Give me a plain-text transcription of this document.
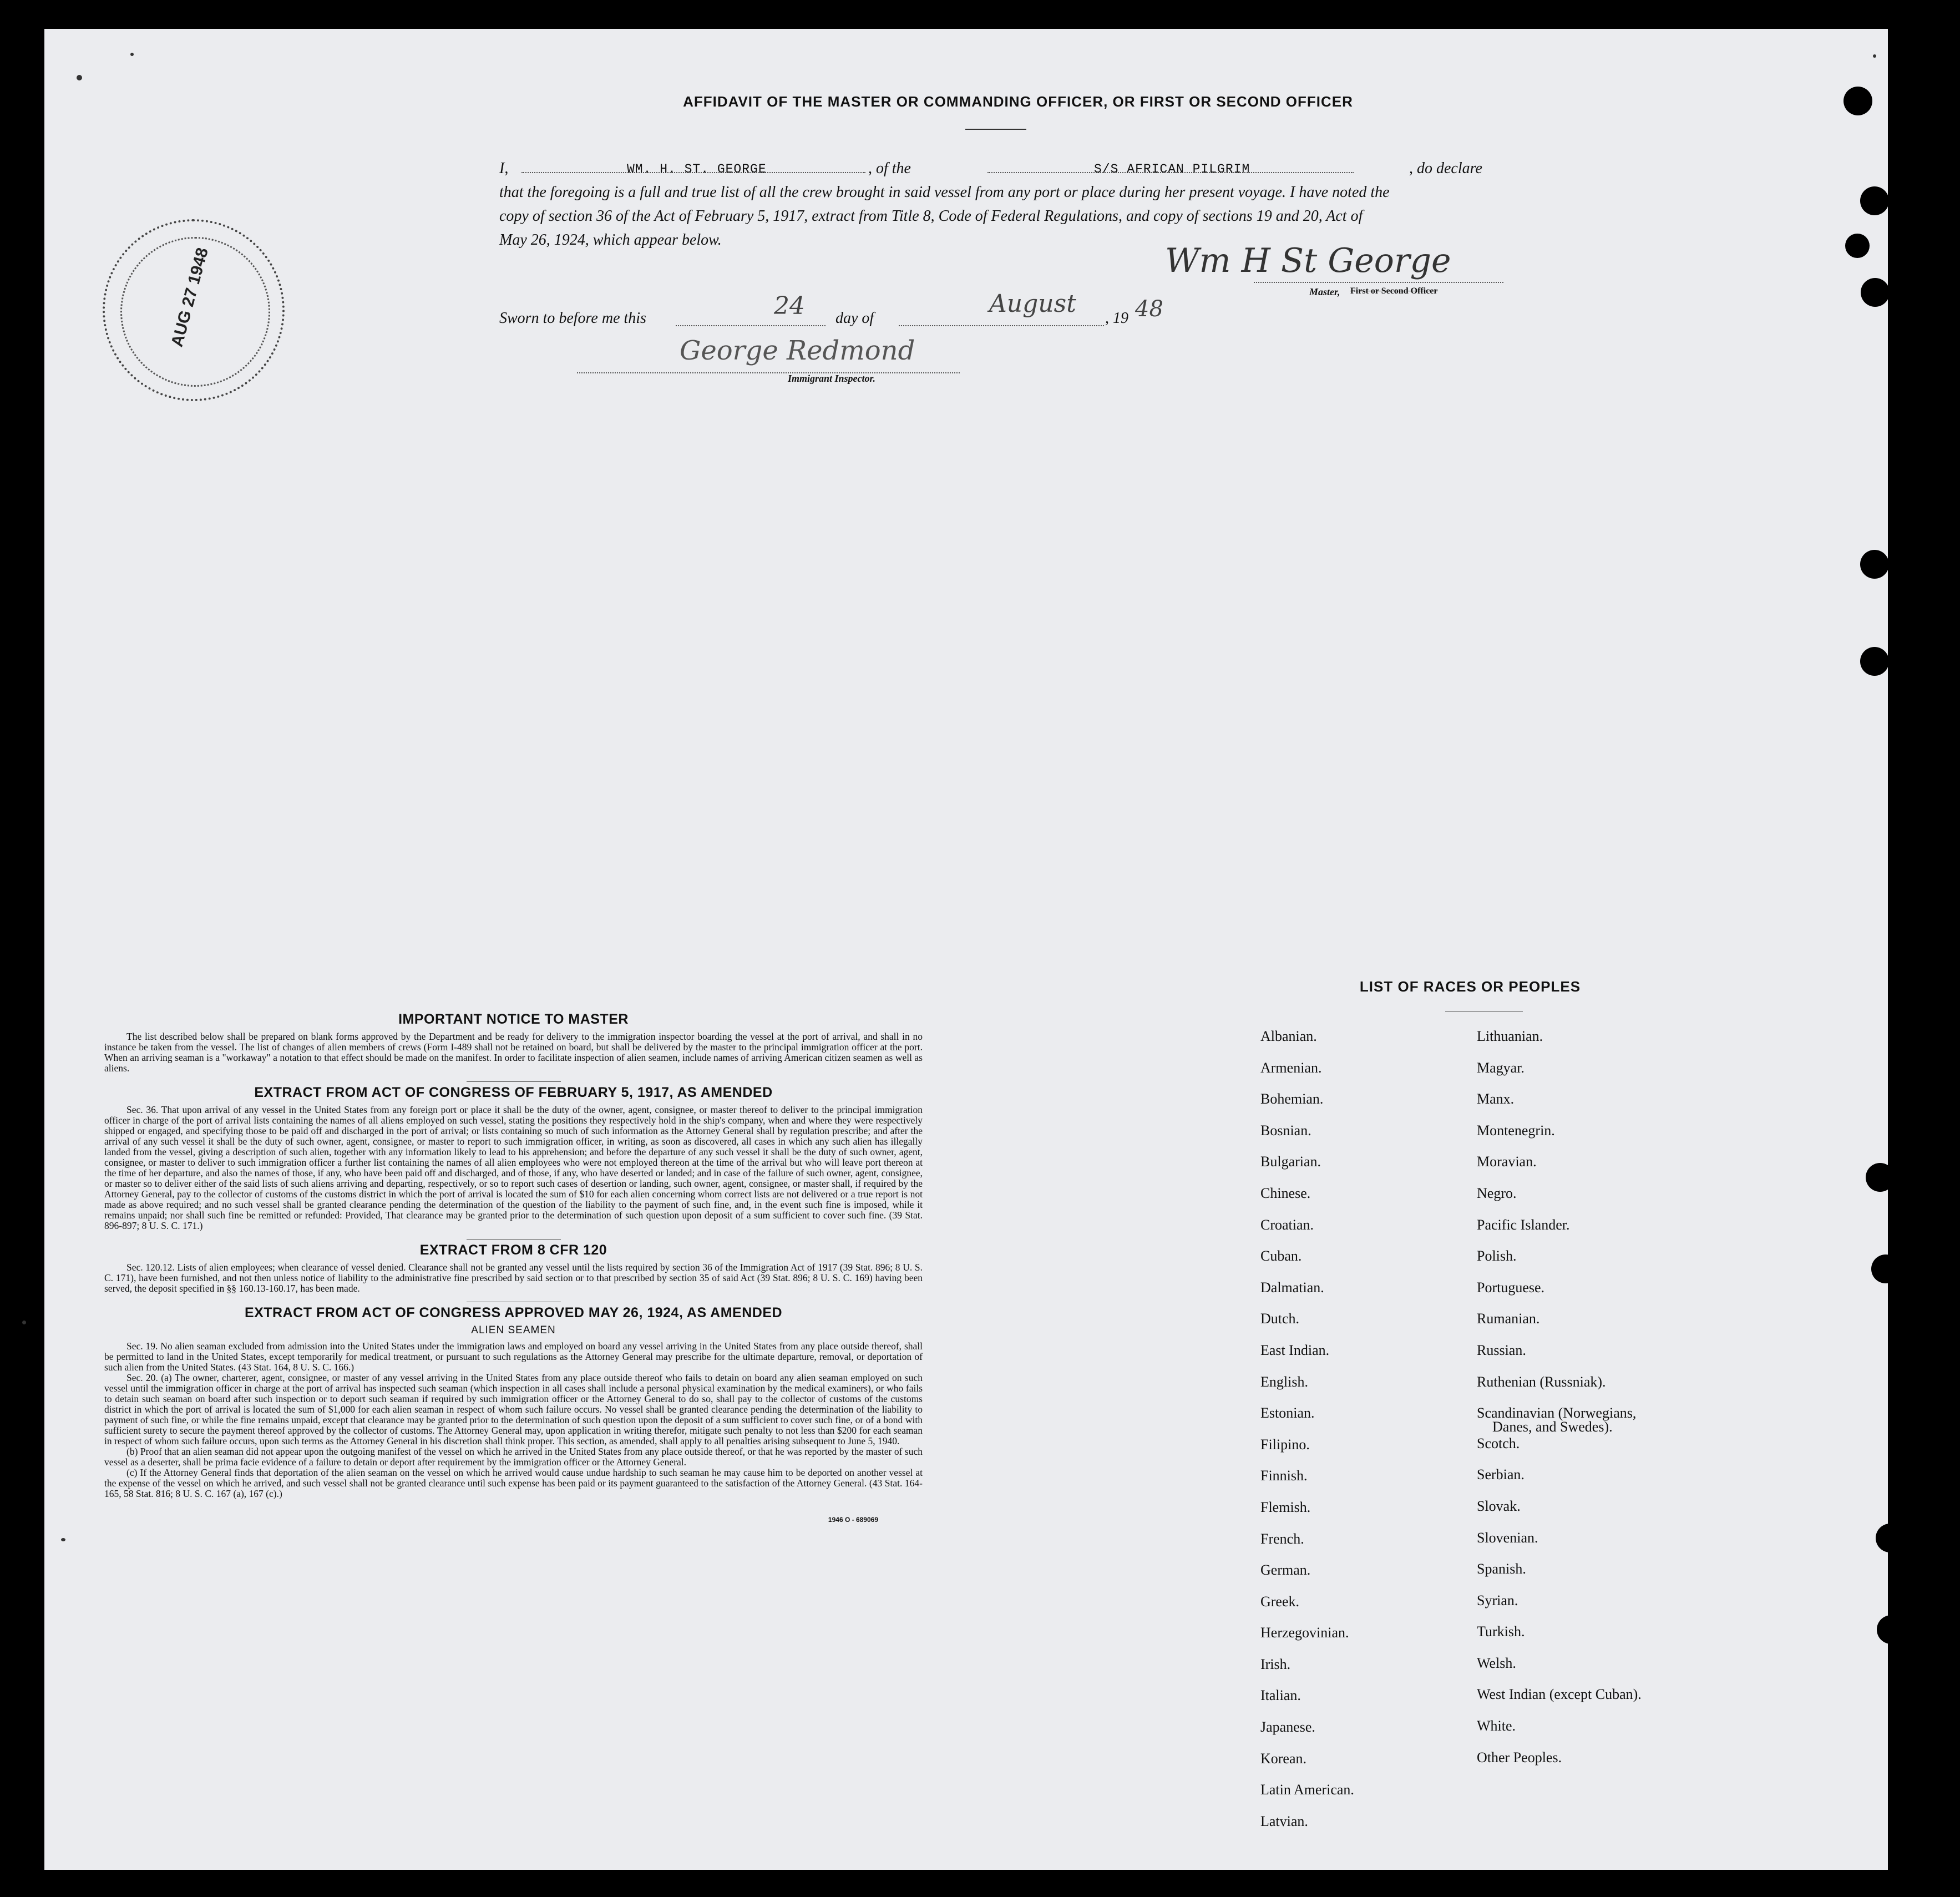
AFFIDAVIT OF THE MASTER OR COMMANDING OFFICER, OR FIRST OR SECOND OFFICER
I,	WM. H. ST. GEORGE	, of the	S/S AFRICAN PILGRIM	, do declare
that the foregoing is a full and true list of all the crew brought in said vessel from any port or place during her present voyage. I have noted the
copy of section 36 of the Act of February 5, 1917, extract from Title 8, Code of Federal Regulations, and copy of sections 19 and 20, Act of
May 26, 1924, which appear below.
Wm H St George
Master, First or Second Officer
Sworn to before me this	24 day of
August
, 19 48
George Redmond
Immigrant Inspector.
AUG 27 1948
IMPORTANT NOTICE TO MASTER

The list described below shall be prepared on blank forms approved by the Department and be ready for delivery to the immigration inspector boarding the vessel at the port of arrival, and shall in no instance be taken from the vessel. The list of changes of alien members of crews (Form I-489 shall not be retained on board, but shall be delivered by the master to the principal immigration officer at the port. When an arriving seaman is a "workaway" a notation to that effect should be made on the manifest. In order to facilitate inspection of alien seamen, include names of arriving American citizen seamen as well as aliens.

EXTRACT FROM ACT OF CONGRESS OF FEBRUARY 5, 1917, AS AMENDED

Sec. 36. That upon arrival of any vessel in the United States from any foreign port or place it shall be the duty of the owner, agent, consignee, or master thereof to deliver to the principal immigration officer in charge of the port of arrival lists containing the names of all aliens employed on such vessel, stating the positions they respectively hold in the ship's company, when and where they were respectively shipped or engaged, and specifying those to be paid off and discharged in the port of arrival; or lists containing so much of such information as the Attorney General shall by regulation prescribe; and after the arrival of any such vessel it shall be the duty of such owner, agent, consignee, or master to report to such immigration officer, in writing, as soon as discovered, all cases in which any such alien has illegally landed from the vessel, giving a description of such alien, together with any information likely to lead to his apprehension; and before the departure of any such vessel it shall be the duty of such owner, agent, consignee, or master to deliver to such immigration officer a further list containing the names of all alien employees who were not employed thereon at the time of the arrival but who will leave port thereon at the time of her departure, and also the names of those, if any, who have been paid off and discharged, and of those, if any, who have deserted or landed; and in case of the failure of such owner, agent, consignee, or master so to deliver either of the said lists of such aliens arriving and departing, respectively, or so to report such cases of desertion or landing, such owner, agent, consignee, or master shall, if required by the Attorney General, pay to the collector of customs of the customs district in which the port of arrival is located the sum of $10 for each alien concerning whom correct lists are not delivered or a true report is not made as above required; and no such vessel shall be granted clearance pending the determination of the question of the liability to the payment of such fine, and, in the event such fine is imposed, while it remains unpaid; nor shall such fine be remitted or refunded: Provided, That clearance may be granted prior to the determination of such question upon deposit of a sum sufficient to cover such fine. (39 Stat. 896-897; 8 U. S. C. 171.)

EXTRACT FROM 8 CFR 120

Sec. 120.12. Lists of alien employees; when clearance of vessel denied. Clearance shall not be granted any vessel until the lists required by section 36 of the Immigration Act of 1917 (39 Stat. 896; 8 U. S. C. 171), have been furnished, and not then unless notice of liability to the administrative fine prescribed by said section or to that prescribed by section 35 of said Act (39 Stat. 896; 8 U. S. C. 169) having been served, the deposit specified in §§ 160.13-160.17, has been made.

EXTRACT FROM ACT OF CONGRESS APPROVED MAY 26, 1924, AS AMENDED
ALIEN SEAMEN

Sec. 19. No alien seaman excluded from admission into the United States under the immigration laws and employed on board any vessel arriving in the United States from any place outside thereof, shall be permitted to land in the United States, except temporarily for medical treatment, or pursuant to such regulations as the Attorney General may prescribe for the ultimate departure, removal, or deportation of such alien from the United States. (43 Stat. 164, 8 U. S. C. 166.)

Sec. 20. (a) The owner, charterer, agent, consignee, or master of any vessel arriving in the United States from any place outside thereof who fails to detain on board any alien seaman employed on such vessel until the immigration officer in charge at the port of arrival has inspected such seaman (which inspection in all cases shall include a personal physical examination by the medical examiners), or who fails to detain such seaman on board after such inspection or to deport such seaman if required by such immigration officer or the Attorney General to do so, shall pay to the collector of customs of the customs district in which the port of arrival is located the sum of $1,000 for each alien seaman in respect of whom such failure occurs. No vessel shall be granted clearance pending the determination of the liability to payment of such fine, or while the fine remains unpaid, except that clearance may be granted prior to the determination of such question upon the deposit of a sum sufficient to cover such fine, or of a bond with sufficient surety to secure the payment thereof approved by the collector of customs. The Attorney General may, upon application in writing therefor, mitigate such penalty to not less than $200 for each seaman in respect of whom such failure occurs, upon such terms as the Attorney General in his discretion shall think proper. This section, as amended, shall apply to all penalties arising subsequent to June 5, 1940.

(b) Proof that an alien seaman did not appear upon the outgoing manifest of the vessel on which he arrived in the United States from any place outside thereof, or that he was reported by the master of such vessel as a deserter, shall be prima facie evidence of a failure to detain or deport after requirement by the immigration officer or the Attorney General.

(c) If the Attorney General finds that deportation of the alien seaman on the vessel on which he arrived would cause undue hardship to such seaman he may cause him to be deported on another vessel at the expense of the vessel on which he arrived, and such vessel shall not be granted clearance until such expense has been paid or its payment guaranteed to the satisfaction of the Attorney General. (43 Stat. 164-165, 58 Stat. 816; 8 U. S. C. 167 (a), 167 (c).)

1946 O - 689069
LIST OF RACES OR PEOPLES
Albanian.
Armenian.
Bohemian.
Bosnian.
Bulgarian.
Chinese.
Croatian.
Cuban.
Dalmatian.
Dutch.
East Indian.
English.
Estonian.
Filipino.
Finnish.
Flemish.
French.
German.
Greek.
Herzegovinian.
Irish.
Italian.
Japanese.
Korean.
Latin American.
Latvian.
Lithuanian.
Magyar.
Manx.
Montenegrin.
Moravian.
Negro.
Pacific Islander.
Polish.
Portuguese.
Rumanian.
Russian.
Ruthenian (Russniak).
Scandinavian (Norwegians,
Danes, and Swedes).
Scotch.
Serbian.
Slovak.
Slovenian.
Spanish.
Syrian.
Turkish.
Welsh.
West Indian (except Cuban).
White.
Other Peoples.
